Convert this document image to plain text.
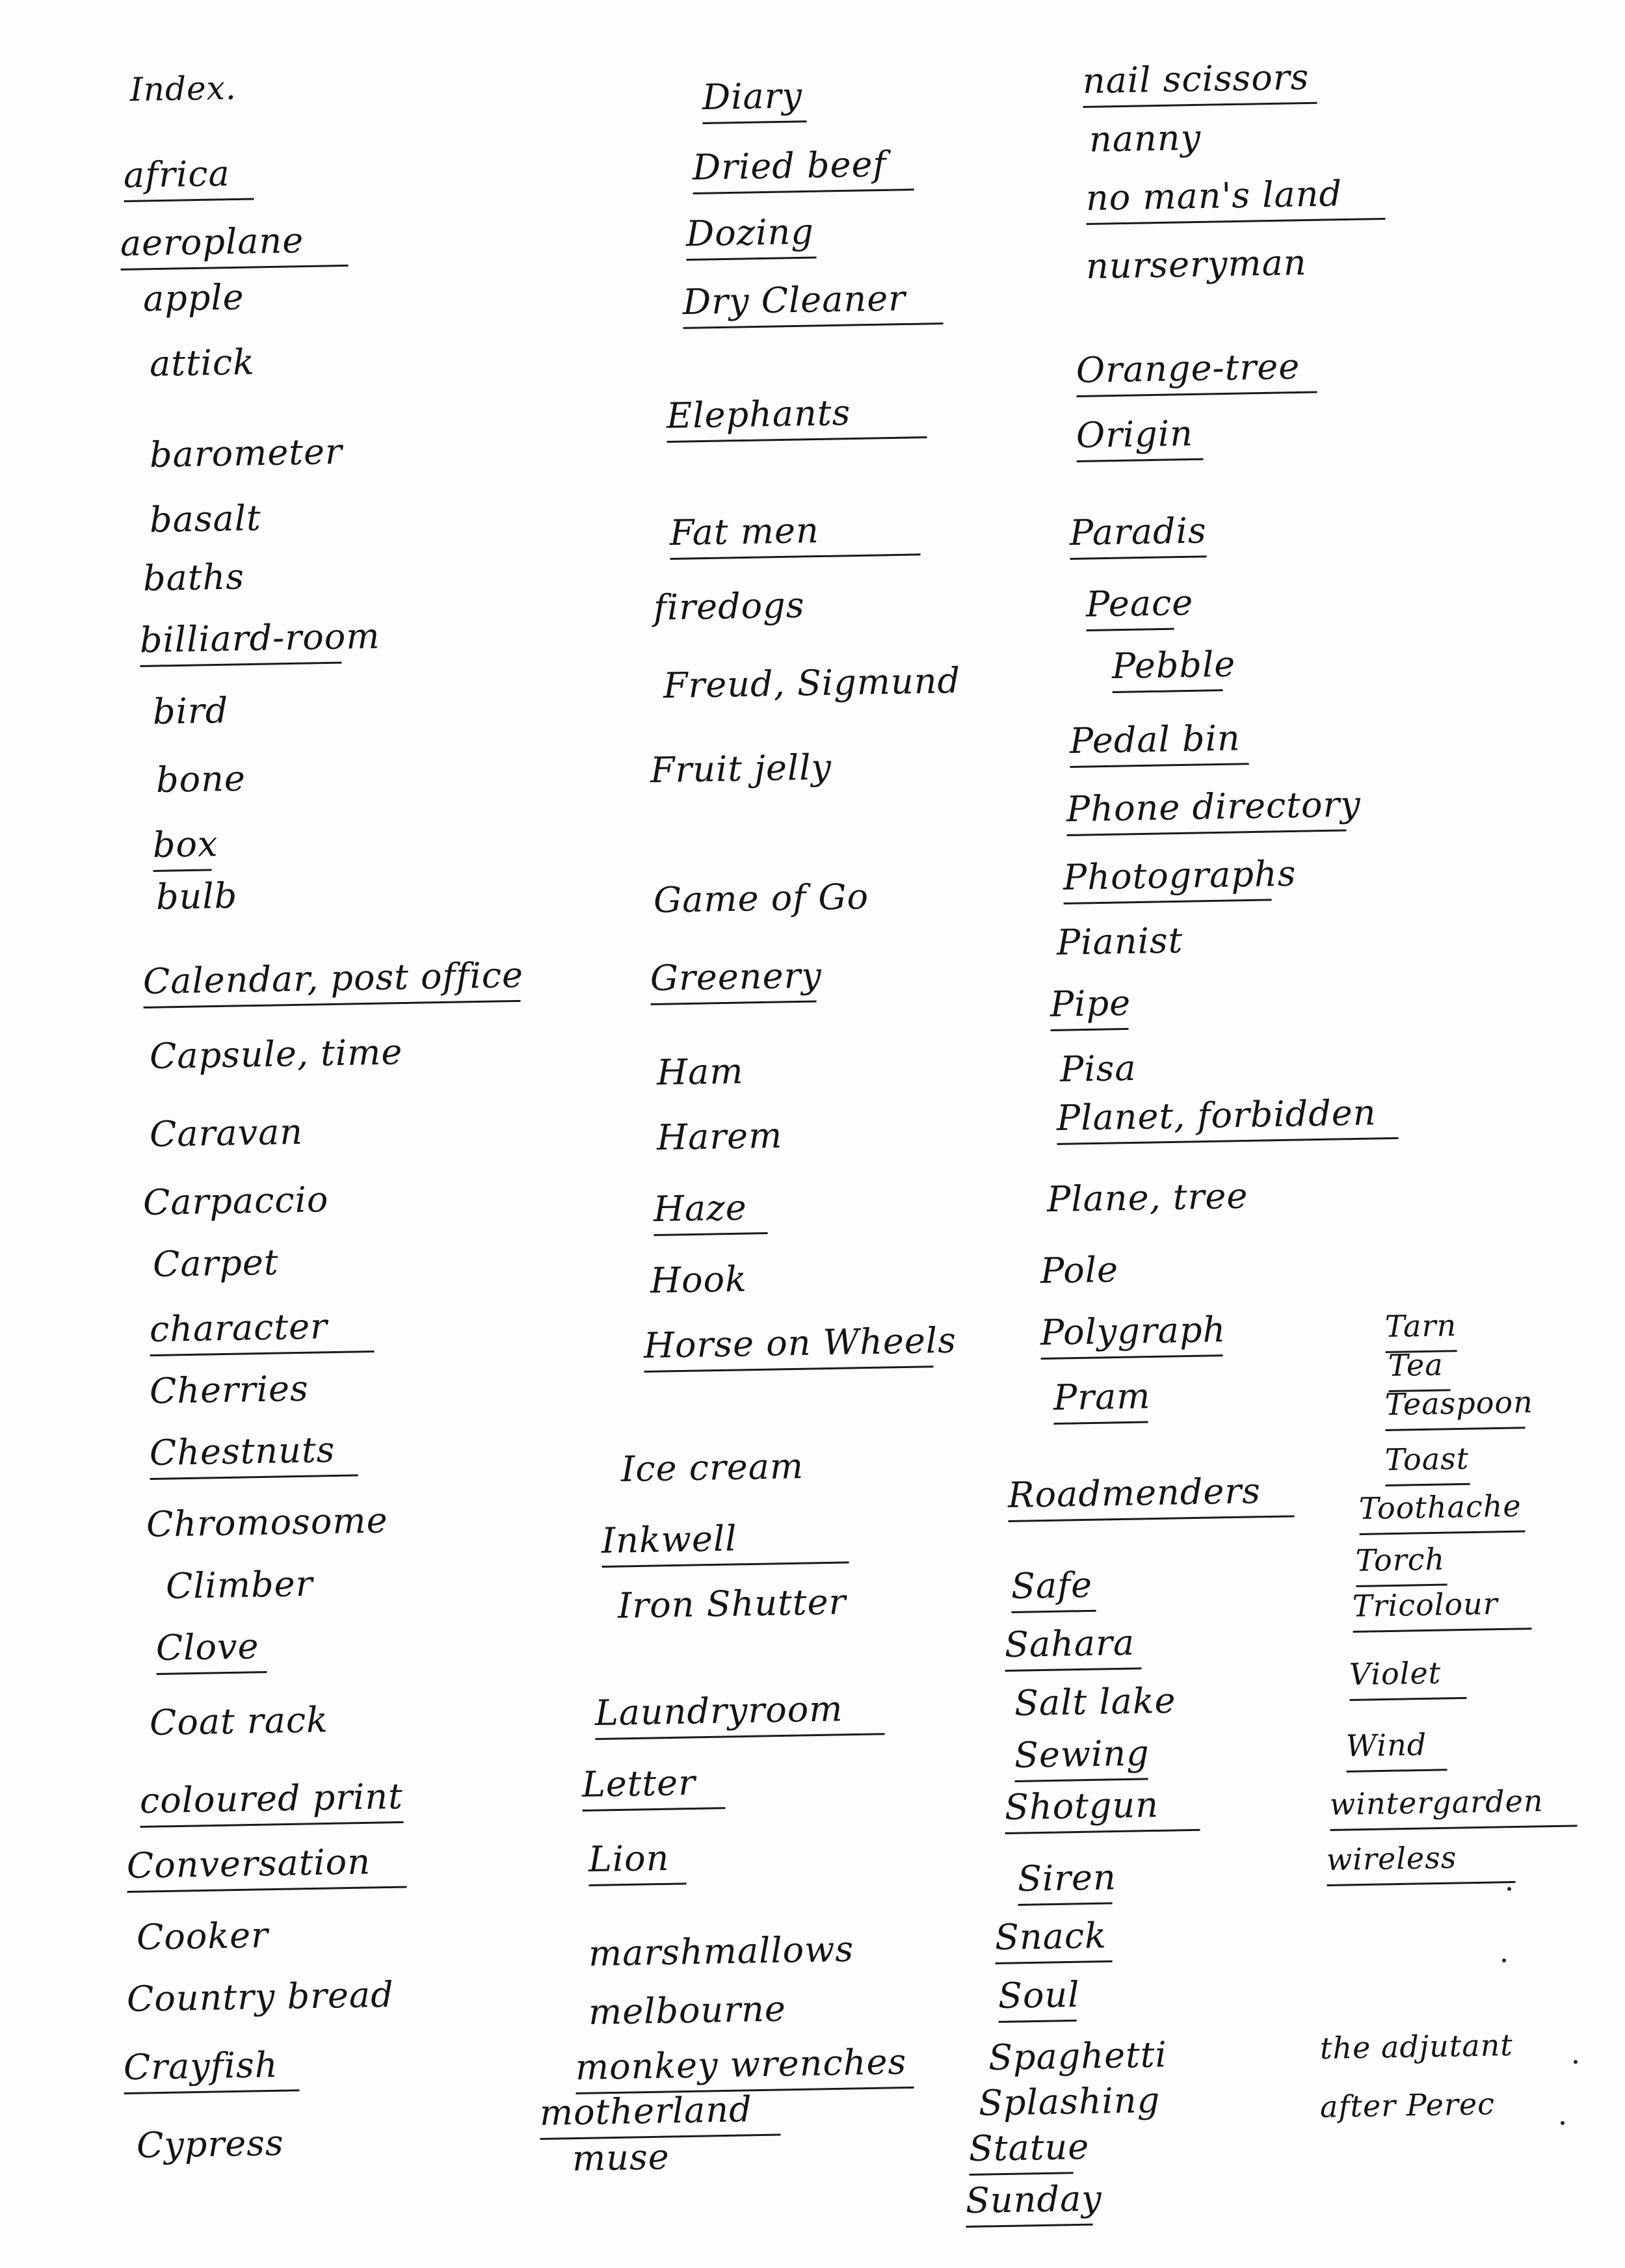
Index.
africa
aeroplane
apple
attick
barometer
basalt
baths
billiard-room
bird
bone
box
bulb
Calendar, post office
Capsule, time
Caravan
Carpaccio
Carpet
character
Cherries
Chestnuts
Chromosome
Climber
Clove
Coat rack
coloured print
Conversation
Cooker
Country bread
Crayfish
Cypress
Diary
Dried beef
Dozing
Dry Cleaner
Elephants
Fat men
firedogs
Freud, Sigmund
Fruit jelly
Game of Go
Greenery
Ham
Harem
Haze
Hook
Horse on Wheels
Ice cream
Inkwell
Iron Shutter
Laundryroom
Letter
Lion
marshmallows
melbourne
monkey wrenches
motherland
muse
nail scissors
nanny
no man's land
nurseryman
Orange-tree
Origin
Paradis
Peace
Pebble
Pedal bin
Phone directory
Photographs
Pianist
Pipe
Pisa
Planet, forbidden
Plane, tree
Pole
Polygraph
Pram
Roadmenders
Safe
Sahara
Salt lake
Sewing
Shotgun
Siren
Snack
Soul
Spaghetti
Splashing
Statue
Sunday
Tarn
Tea
Teaspoon
Toast
Toothache
Torch
Tricolour
Violet
Wind
wintergarden
wireless
the adjutant
after Perec
